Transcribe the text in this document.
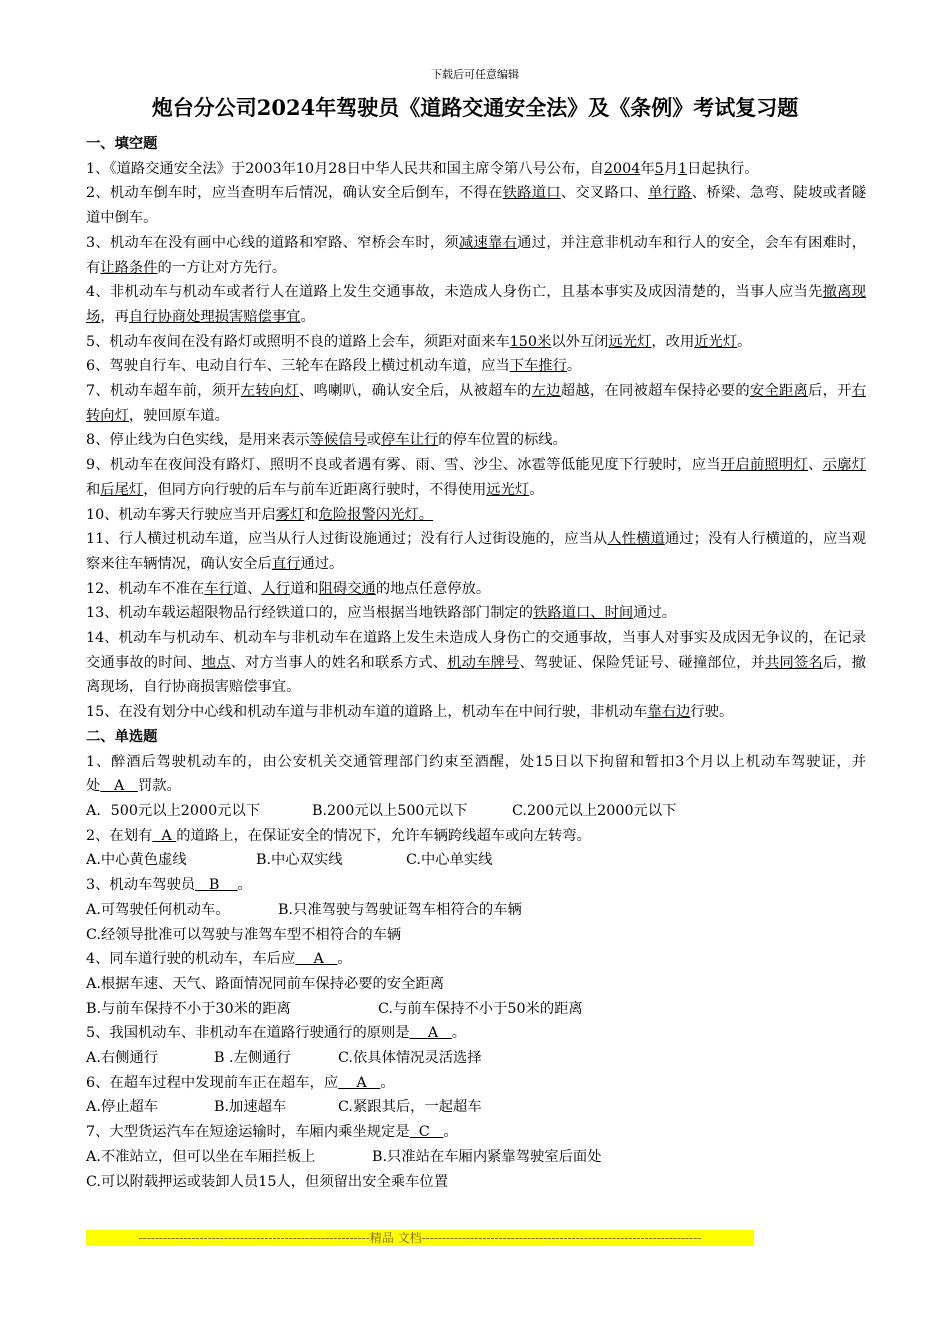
下载后可任意编辑
炮台分公司2024年驾驶员《道路交通安全法》及《条例》考试复习题

一、填空题

1、《道路交通安全法》于2003年10月28日中华人民共和国主席令第八号公布，自2004年5月1日起执行。

2、机动车倒车时，应当查明车后情况，确认安全后倒车，不得在铁路道口、交叉路口、单行路、桥梁、急弯、陡坡或者隧道中倒车。

3、机动车在没有画中心线的道路和窄路、窄桥会车时，须减速靠右通过，并注意非机动车和行人的安全，会车有困难时，有让路条件的一方让对方先行。

4、非机动车与机动车或者行人在道路上发生交通事故，未造成人身伤亡，且基本事实及成因清楚的，当事人应当先撤离现场，再自行协商处理损害赔偿事宜。

5、机动车夜间在没有路灯或照明不良的道路上会车，须距对面来车150米以外互闭远光灯，改用近光灯。

6、驾驶自行车、电动自行车、三轮车在路段上横过机动车道，应当下车推行。

7、机动车超车前，须开左转向灯、鸣喇叭，确认安全后，从被超车的左边超越，在同被超车保持必要的安全距离后，开右转向灯，驶回原车道。

8、停止线为白色实线，是用来表示等候信号或停车让行的停车位置的标线。

9、机动车在夜间没有路灯、照明不良或者遇有雾、雨、雪、沙尘、冰雹等低能见度下行驶时，应当开启前照明灯、示廓灯和后尾灯，但同方向行驶的后车与前车近距离行驶时，不得使用远光灯。

10、机动车雾天行驶应当开启雾灯和危险报警闪光灯。

11、行人横过机动车道，应当从行人过街设施通过；没有行人过街设施的，应当从人性横道通过；没有人行横道的，应当观察来往车辆情况，确认安全后直行通过。

12、机动车不准在车行道、人行道和阻碍交通的地点任意停放。

13、机动车载运超限物品行经铁道口的，应当根据当地铁路部门制定的铁路道口、时间通过。

14、机动车与机动车、机动车与非机动车在道路上发生未造成人身伤亡的交通事故，当事人对事实及成因无争议的，在记录交通事故的时间、地点、对方当事人的姓名和联系方式、机动车牌号、驾驶证、保险凭证号、碰撞部位，并共同签名后，撤离现场，自行协商损害赔偿事宜。

15、在没有划分中心线和机动车道与非机动车道的道路上，机动车在中间行驶，非机动车靠右边行驶。

二、单选题

1、醉酒后驾驶机动车的，由公安机关交通管理部门约束至酒醒，处15日以下拘留和暂扣3个月以上机动车驾驶证，并处 A 罚款。

A．500元以上2000元以下	B.200元以上500元以下	C.200元以上2000元以下

2、在划有 A 的道路上，在保证安全的情况下，允许车辆跨线超车或向左转弯。

A.中心黄色虚线	B.中心双实线	C.中心单实线

3、机动车驾驶员 B 。

A.可驾驶任何机动车。	B.只准驾驶与驾驶证驾车相符合的车辆

C.经领导批准可以驾驶与准驾车型不相符合的车辆

4、同车道行驶的机动车，车后应 A 。

A.根据车速、天气、路面情况同前车保持必要的安全距离

B.与前车保持不小于30米的距离	C.与前车保持不小于50米的距离

5、我国机动车、非机动车在道路行驶通行的原则是 A 。

A.右侧通行	B .左侧通行	C.依具体情况灵活选择

6、在超车过程中发现前车正在超车，应 A 。

A.停止超车	B.加速超车	C.紧跟其后，一起超车

7、大型货运汽车在短途运输时，车厢内乘坐规定是 C 。

A.不准站立，但可以坐在车厢拦板上	B.只准站在车厢内紧靠驾驶室后面处

C.可以附载押运或装卸人员15人，但须留出安全乘车位置

---------------------------------------------------------精品 文档---------------------------------------------------------------------
